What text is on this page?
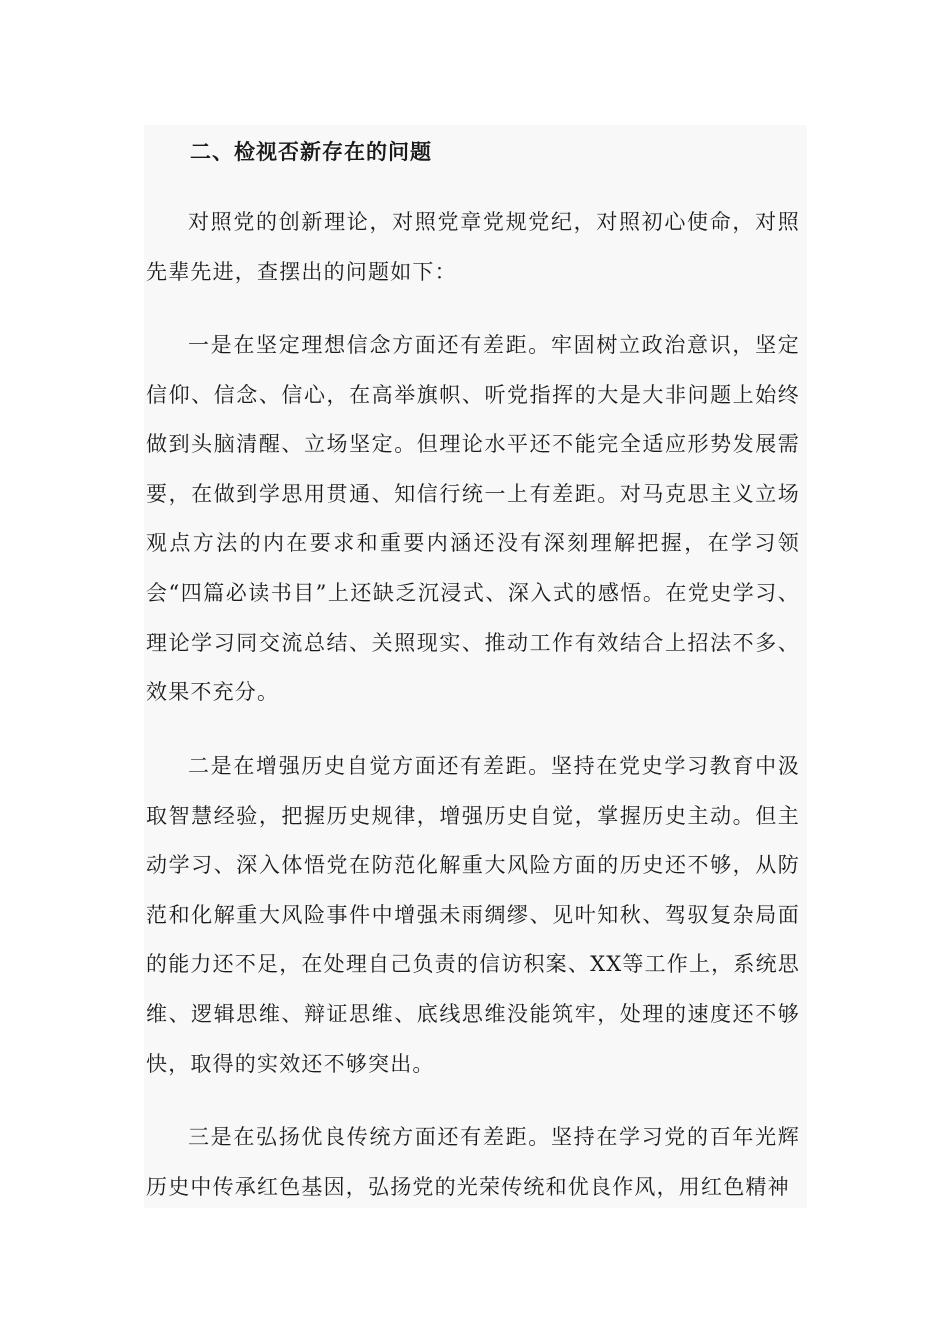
二、检视否新存在的问题

对照党的创新理论，对照党章党规党纪，对照初心使命，对照先辈先进，查摆出的问题如下：

一是在坚定理想信念方面还有差距。牢固树立政治意识，坚定信仰、信念、信心，在高举旗帜、听党指挥的大是大非问题上始终做到头脑清醒、立场坚定。但理论水平还不能完全适应形势发展需要，在做到学思用贯通、知信行统一上有差距。对马克思主义立场观点方法的内在要求和重要内涵还没有深刻理解把握，在学习领会“四篇必读书目”上还缺乏沉浸式、深入式的感悟。在党史学习、理论学习同交流总结、关照现实、推动工作有效结合上招法不多、效果不充分。

二是在增强历史自觉方面还有差距。坚持在党史学习教育中汲取智慧经验，把握历史规律，增强历史自觉，掌握历史主动。但主动学习、深入体悟党在防范化解重大风险方面的历史还不够，从防范和化解重大风险事件中增强未雨绸缪、见叶知秋、驾驭复杂局面的能力还不足，在处理自己负责的信访积案、XX等工作上，系统思维、逻辑思维、辩证思维、底线思维没能筑牢，处理的速度还不够快，取得的实效还不够突出。

三是在弘扬优良传统方面还有差距。坚持在学习党的百年光辉历史中传承红色基因，弘扬党的光荣传统和优良作风，用红色精神
